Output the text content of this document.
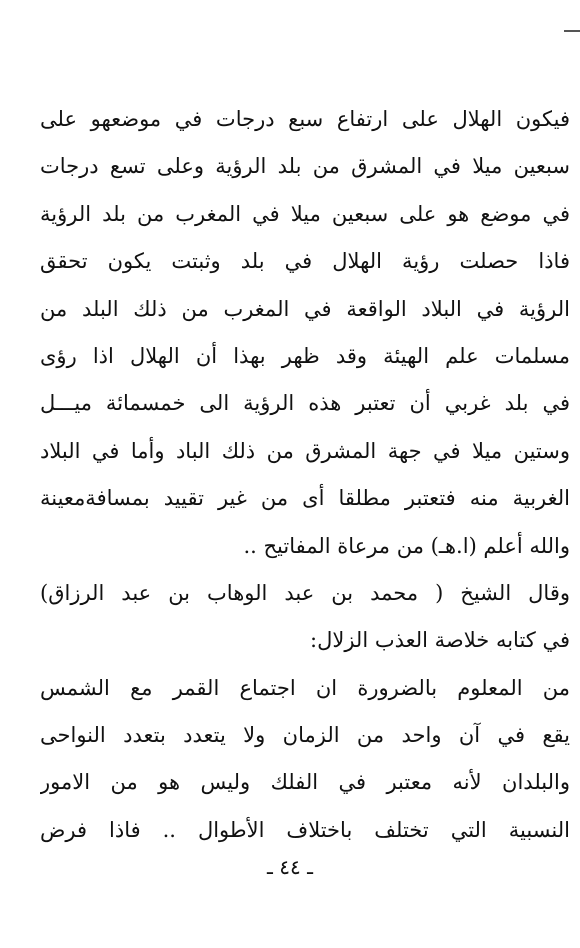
فيكون الهلال على ارتفاع سبع درجات في موضعهو على
سبعين ميلا في المشرق من بلد الرؤية وعلى تسع درجات
في موضع هو على سبعين ميلا في المغرب من بلد الرؤية
فاذا حصلت رؤية الهلال في بلد وثبتت يكون تحقق
الرؤية في البلاد الواقعة في المغرب من ذلك البلد من
مسلمات علم الهيئة وقد ظهر بهذا أن الهلال اذا رؤى
في بلد غربي أن تعتبر هذه الرؤية الى خمسمائة ميـــل
وستين ميلا في جهة المشرق من ذلك الباد وأما في البلاد
الغربية منه فتعتبر مطلقا أى من غير تقييد بمسافةمعينة
والله أعلم (ا.هـ) من مرعاة المفاتيح ..
وقال الشيخ ( محمد بن عبد الوهاب بن عبد الرزاق)
في كتابه خلاصة العذب الزلال:
من المعلوم بالضرورة ان اجتماع القمر مع الشمس
يقع في آن واحد من الزمان ولا يتعدد بتعدد النواحى
والبلدان لأنه معتبر في الفلك وليس هو من الامور
النسبية التي تختلف باختلاف الأطوال .. فاذا فرض
ـ ٤٤ ـ
